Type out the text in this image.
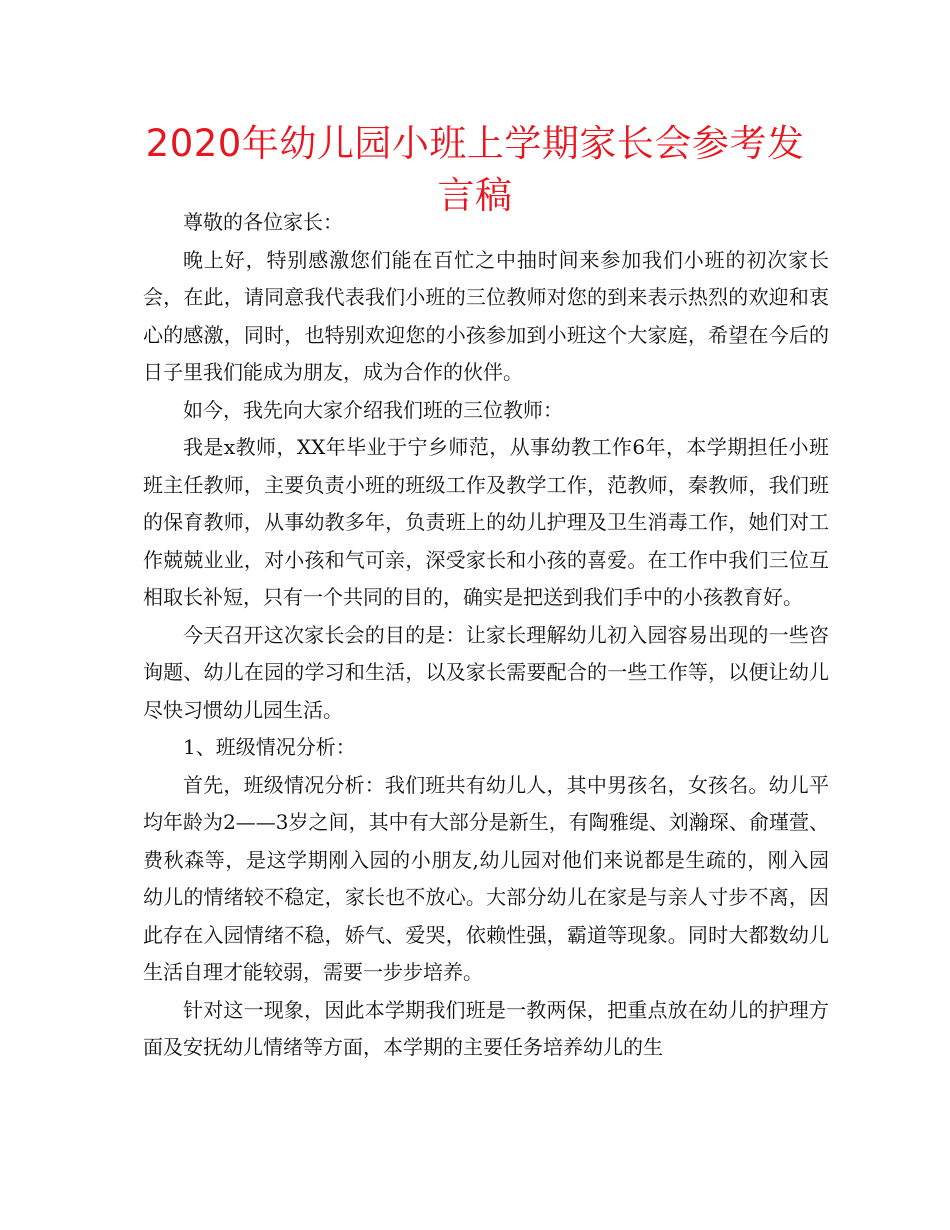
2020年幼儿园小班上学期家长会参考发言稿

尊敬的各位家长：

晚上好，特别感激您们能在百忙之中抽时间来参加我们小班的初次家长会，在此，请同意我代表我们小班的三位教师对您的到来表示热烈的欢迎和衷心的感激，同时，也特别欢迎您的小孩参加到小班这个大家庭，希望在今后的日子里我们能成为朋友，成为合作的伙伴。

如今，我先向大家介绍我们班的三位教师：

我是x教师，XX年毕业于宁乡师范，从事幼教工作6年，本学期担任小班班主任教师，主要负责小班的班级工作及教学工作，范教师，秦教师，我们班的保育教师，从事幼教多年，负责班上的幼儿护理及卫生消毒工作，她们对工作兢兢业业，对小孩和气可亲，深受家长和小孩的喜爱。在工作中我们三位互相取长补短，只有一个共同的目的，确实是把送到我们手中的小孩教育好。

今天召开这次家长会的目的是：让家长理解幼儿初入园容易出现的一些咨询题、幼儿在园的学习和生活，以及家长需要配合的一些工作等，以便让幼儿尽快习惯幼儿园生活。

1、班级情况分析：

首先，班级情况分析：我们班共有幼儿人，其中男孩名，女孩名。幼儿平均年龄为2——3岁之间，其中有大部分是新生，有陶雅缇、刘瀚琛、俞瑾萱、费秋森等，是这学期刚入园的小朋友,幼儿园对他们来说都是生疏的，刚入园幼儿的情绪较不稳定，家长也不放心。大部分幼儿在家是与亲人寸步不离，因此存在入园情绪不稳，娇气、爱哭，依赖性强，霸道等现象。同时大都数幼儿生活自理才能较弱，需要一步步培养。

针对这一现象，因此本学期我们班是一教两保，把重点放在幼儿的护理方面及安抚幼儿情绪等方面，本学期的主要任务培养幼儿的生
